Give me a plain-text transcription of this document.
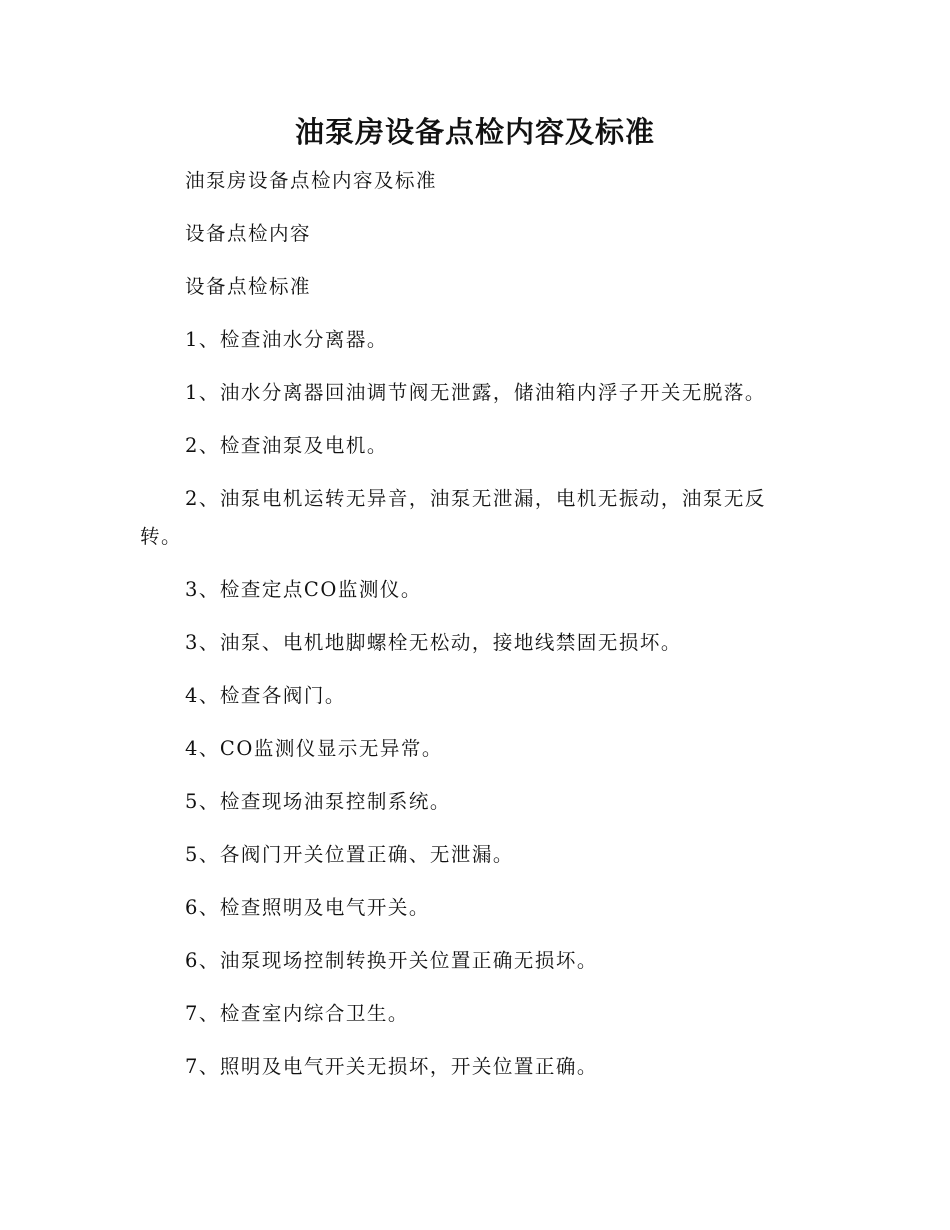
油泵房设备点检内容及标准

油泵房设备点检内容及标准

设备点检内容

设备点检标准

1、检查油水分离器。

1、油水分离器回油调节阀无泄露，储油箱内浮子开关无脱落。

2、检查油泵及电机。

2、油泵电机运转无异音，油泵无泄漏，电机无振动，油泵无反转。

3、检查定点CO监测仪。

3、油泵、电机地脚螺栓无松动，接地线禁固无损坏。

4、检查各阀门。

4、CO监测仪显示无异常。

5、检查现场油泵控制系统。

5、各阀门开关位置正确、无泄漏。

6、检查照明及电气开关。

6、油泵现场控制转换开关位置正确无损坏。

7、检查室内综合卫生。

7、照明及电气开关无损坏，开关位置正确。
